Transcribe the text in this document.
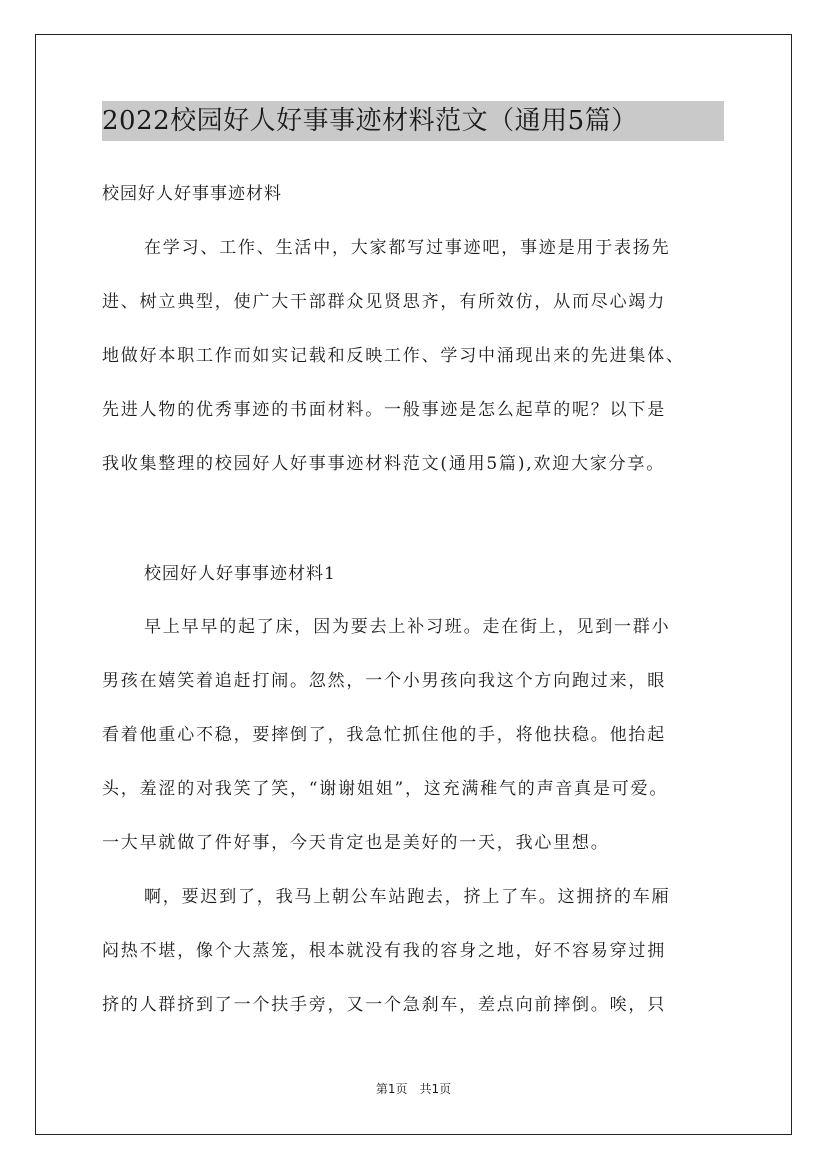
2022校园好人好事事迹材料范文（通用5篇）
校园好人好事事迹材料
在学习、工作、生活中，大家都写过事迹吧，事迹是用于表扬先
进、树立典型，使广大干部群众见贤思齐，有所效仿，从而尽心竭力
地做好本职工作而如实记载和反映工作、学习中涌现出来的先进集体、
先进人物的优秀事迹的书面材料。一般事迹是怎么起草的呢？以下是
我收集整理的校园好人好事事迹材料范文(通用5篇),欢迎大家分享。
校园好人好事事迹材料1
早上早早的起了床，因为要去上补习班。走在街上，见到一群小
男孩在嬉笑着追赶打闹。忽然，一个小男孩向我这个方向跑过来，眼
看着他重心不稳，要摔倒了，我急忙抓住他的手，将他扶稳。他抬起
头，羞涩的对我笑了笑，“谢谢姐姐”，这充满稚气的声音真是可爱。
一大早就做了件好事，今天肯定也是美好的一天，我心里想。
啊，要迟到了，我马上朝公车站跑去，挤上了车。这拥挤的车厢
闷热不堪，像个大蒸笼，根本就没有我的容身之地，好不容易穿过拥
挤的人群挤到了一个扶手旁，又一个急刹车，差点向前摔倒。唉，只
第1页　共1页
